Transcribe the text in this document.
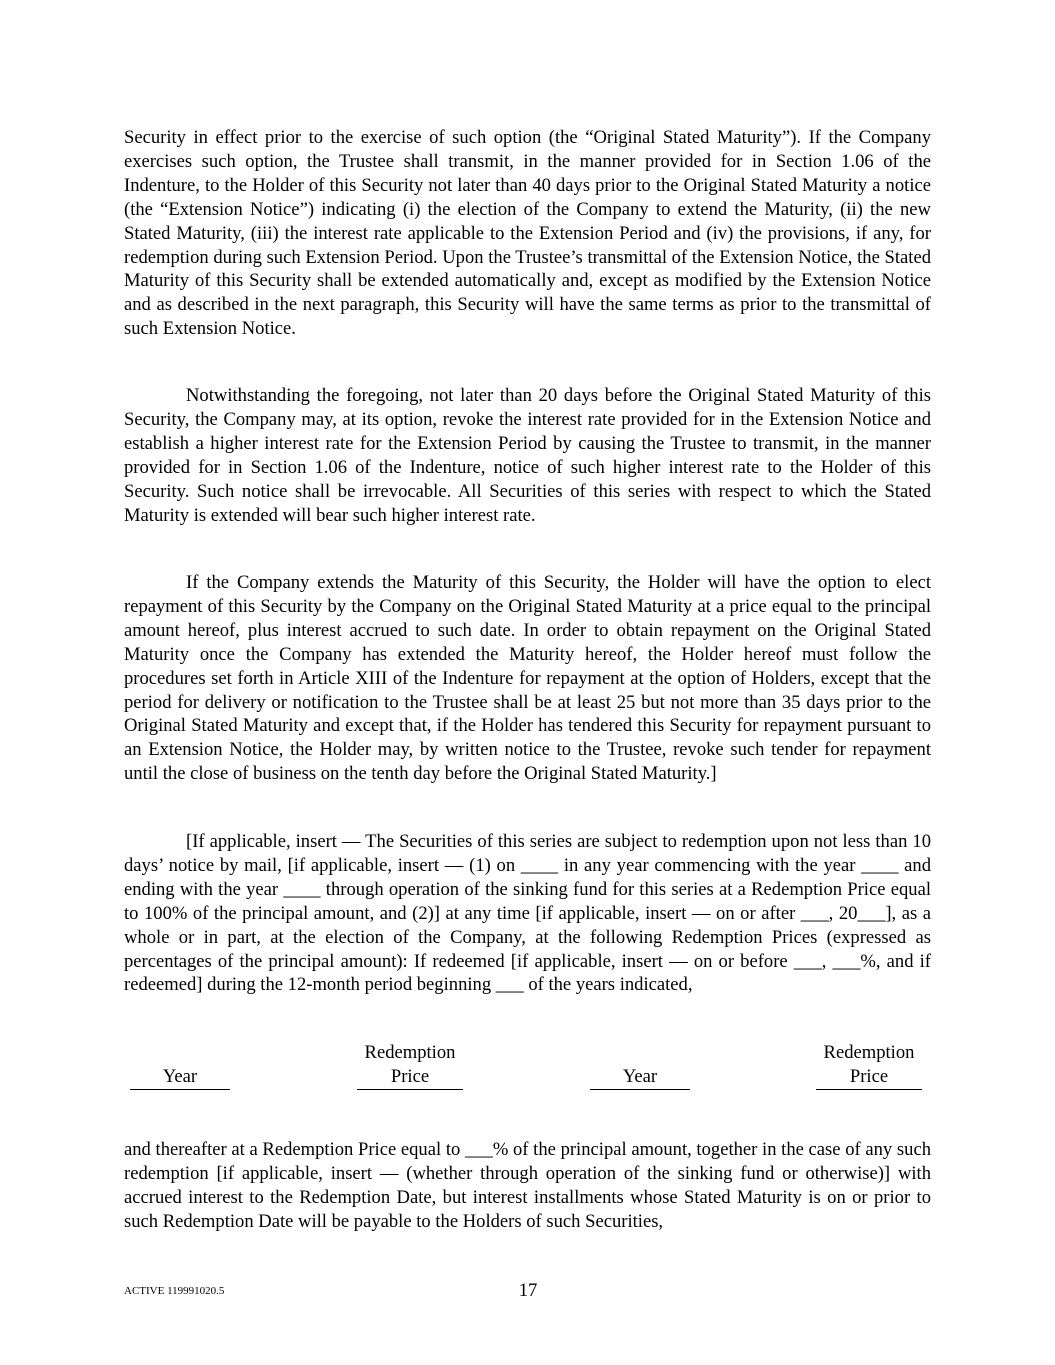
Security in effect prior to the exercise of such option (the “Original Stated Maturity”). If the Company exercises such option, the Trustee shall transmit, in the manner provided for in Section 1.06 of the Indenture, to the Holder of this Security not later than 40 days prior to the Original Stated Maturity a notice (the “Extension Notice”) indicating (i) the election of the Company to extend the Maturity, (ii) the new Stated Maturity, (iii) the interest rate applicable to the Extension Period and (iv) the provisions, if any, for redemption during such Extension Period. Upon the Trustee’s transmittal of the Extension Notice, the Stated Maturity of this Security shall be extended automatically and, except as modified by the Extension Notice and as described in the next paragraph, this Security will have the same terms as prior to the transmittal of such Extension Notice.

Notwithstanding the foregoing, not later than 20 days before the Original Stated Maturity of this Security, the Company may, at its option, revoke the interest rate provided for in the Extension Notice and establish a higher interest rate for the Extension Period by causing the Trustee to transmit, in the manner provided for in Section 1.06 of the Indenture, notice of such higher interest rate to the Holder of this Security. Such notice shall be irrevocable. All Securities of this series with respect to which the Stated Maturity is extended will bear such higher interest rate.

If the Company extends the Maturity of this Security, the Holder will have the option to elect repayment of this Security by the Company on the Original Stated Maturity at a price equal to the principal amount hereof, plus interest accrued to such date. In order to obtain repayment on the Original Stated Maturity once the Company has extended the Maturity hereof, the Holder hereof must follow the procedures set forth in Article XIII of the Indenture for repayment at the option of Holders, except that the period for delivery or notification to the Trustee shall be at least 25 but not more than 35 days prior to the Original Stated Maturity and except that, if the Holder has tendered this Security for repayment pursuant to an Extension Notice, the Holder may, by written notice to the Trustee, revoke such tender for repayment until the close of business on the tenth day before the Original Stated Maturity.]

[If applicable, insert — The Securities of this series are subject to redemption upon not less than 10 days’ notice by mail, [if applicable, insert — (1) on ____ in any year commencing with the year ____ and ending with the year ____ through operation of the sinking fund for this series at a Redemption Price equal to 100% of the principal amount, and (2)] at any time [if applicable, insert — on or after ___, 20___], as a whole or in part, at the election of the Company, at the following Redemption Prices (expressed as percentages of the principal amount): If redeemed [if applicable, insert — on or before ___, ___%, and if redeemed] during the 12-month period beginning ___ of the years indicated,

Year
Redemption
Price	Year
Redemption
Price

and thereafter at a Redemption Price equal to ___% of the principal amount, together in the case of any such redemption [if applicable, insert — (whether through operation of the sinking fund or otherwise)] with accrued interest to the Redemption Date, but interest installments whose Stated Maturity is on or prior to such Redemption Date will be payable to the Holders of such Securities,

ACTIVE 119991020.5	17
